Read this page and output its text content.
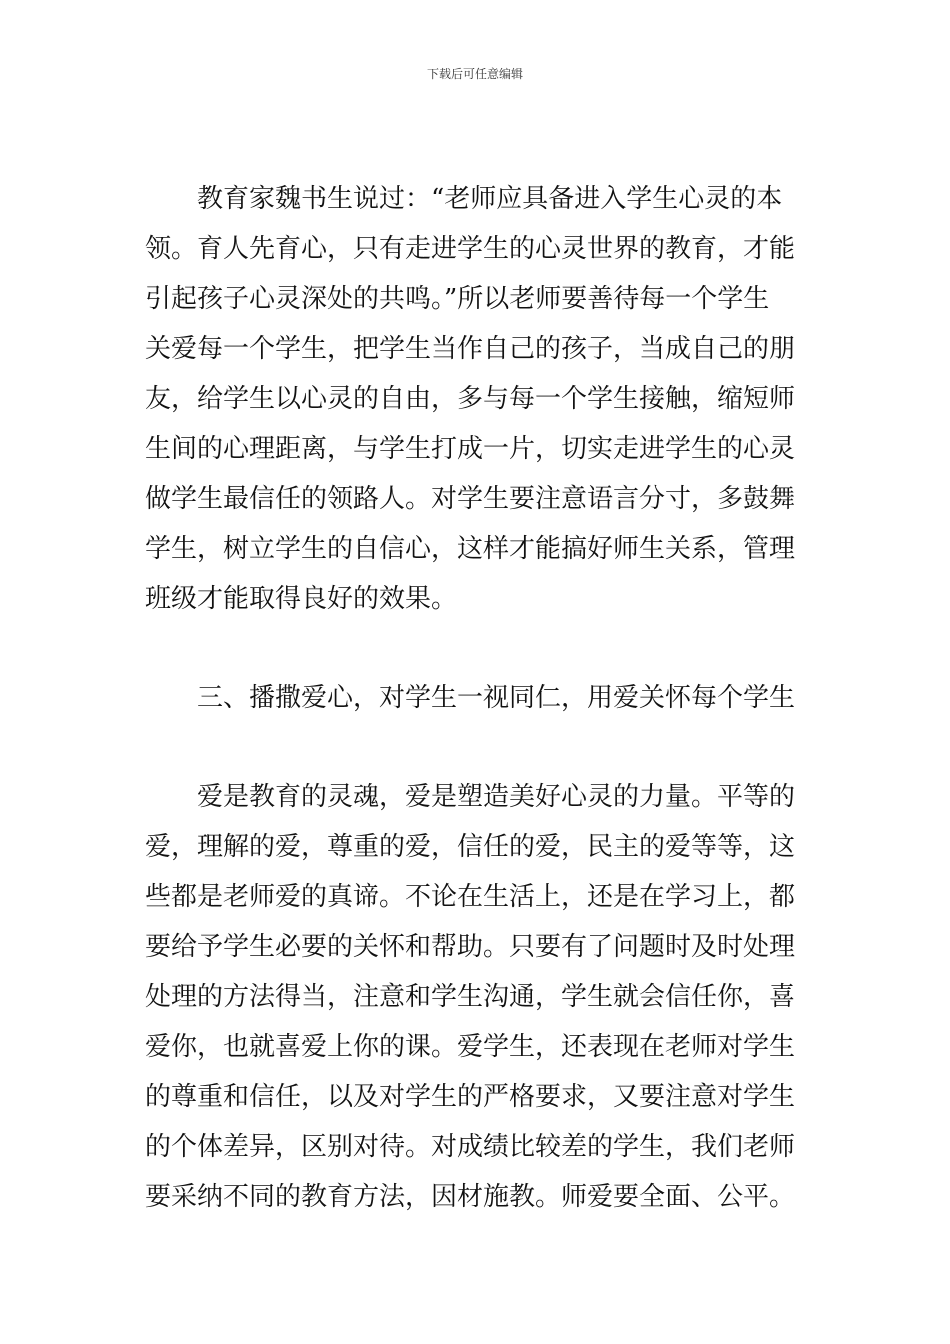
下载后可任意编辑
教育家魏书生说过：“老师应具备进入学生心灵的本
领。育人先育心，只有走进学生的心灵世界的教育，才能
引起孩子心灵深处的共鸣。”所以老师要善待每一个学生
关爱每一个学生，把学生当作自己的孩子，当成自己的朋
友，给学生以心灵的自由，多与每一个学生接触，缩短师
生间的心理距离，与学生打成一片，切实走进学生的心灵
做学生最信任的领路人。对学生要注意语言分寸，多鼓舞
学生，树立学生的自信心，这样才能搞好师生关系，管理
班级才能取得良好的效果。
三、播撒爱心，对学生一视同仁，用爱关怀每个学生
爱是教育的灵魂，爱是塑造美好心灵的力量。平等的
爱，理解的爱，尊重的爱，信任的爱，民主的爱等等，这
些都是老师爱的真谛。不论在生活上，还是在学习上，都
要给予学生必要的关怀和帮助。只要有了问题时及时处理
处理的方法得当，注意和学生沟通，学生就会信任你，喜
爱你，也就喜爱上你的课。爱学生，还表现在老师对学生
的尊重和信任，以及对学生的严格要求，又要注意对学生
的个体差异，区别对待。对成绩比较差的学生，我们老师
要采纳不同的教育方法，因材施教。师爱要全面、公平。
